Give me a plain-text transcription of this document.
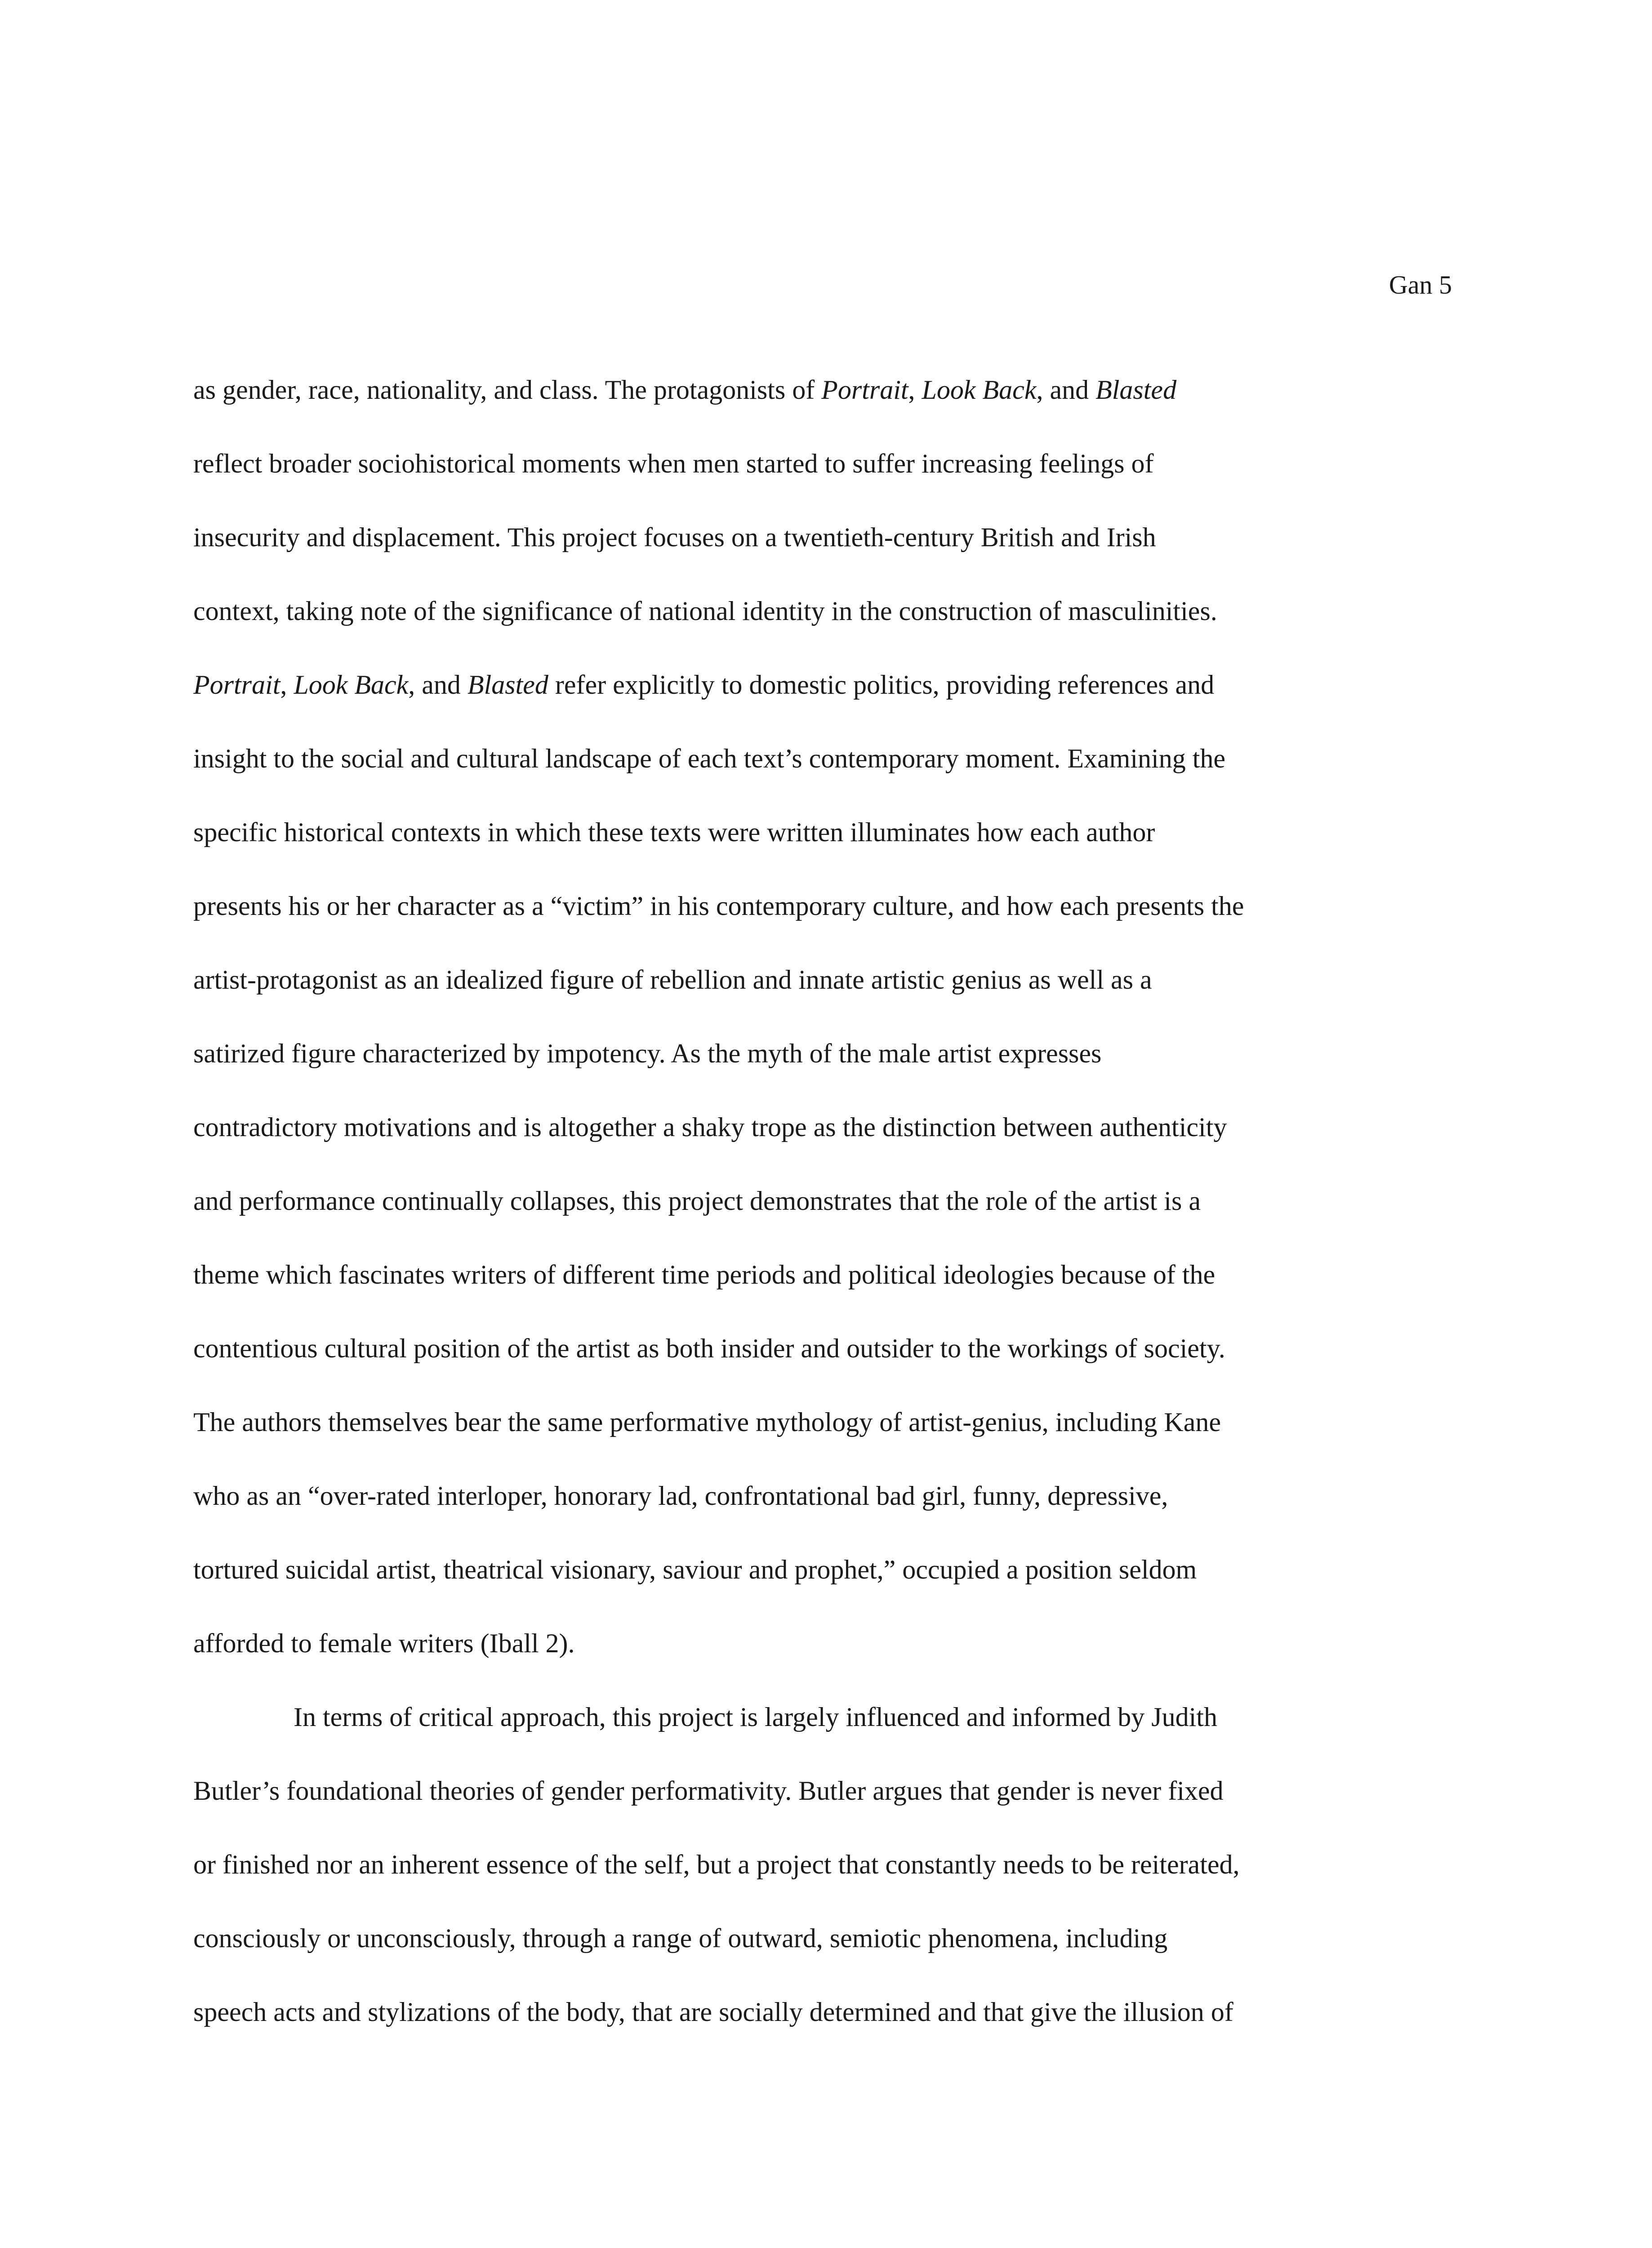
Gan 5
as gender, race, nationality, and class. The protagonists of Portrait, Look Back, and Blasted
reflect broader sociohistorical moments when men started to suffer increasing feelings of
insecurity and displacement. This project focuses on a twentieth-century British and Irish
context, taking note of the significance of national identity in the construction of masculinities.
Portrait, Look Back, and Blasted refer explicitly to domestic politics, providing references and
insight to the social and cultural landscape of each text’s contemporary moment. Examining the
specific historical contexts in which these texts were written illuminates how each author
presents his or her character as a “victim” in his contemporary culture, and how each presents the
artist-protagonist as an idealized figure of rebellion and innate artistic genius as well as a
satirized figure characterized by impotency. As the myth of the male artist expresses
contradictory motivations and is altogether a shaky trope as the distinction between authenticity
and performance continually collapses, this project demonstrates that the role of the artist is a
theme which fascinates writers of different time periods and political ideologies because of the
contentious cultural position of the artist as both insider and outsider to the workings of society.
The authors themselves bear the same performative mythology of artist-genius, including Kane
who as an “over-rated interloper, honorary lad, confrontational bad girl, funny, depressive,
tortured suicidal artist, theatrical visionary, saviour and prophet,” occupied a position seldom
afforded to female writers (Iball 2).
In terms of critical approach, this project is largely influenced and informed by Judith
Butler’s foundational theories of gender performativity. Butler argues that gender is never fixed
or finished nor an inherent essence of the self, but a project that constantly needs to be reiterated,
consciously or unconsciously, through a range of outward, semiotic phenomena, including
speech acts and stylizations of the body, that are socially determined and that give the illusion of
